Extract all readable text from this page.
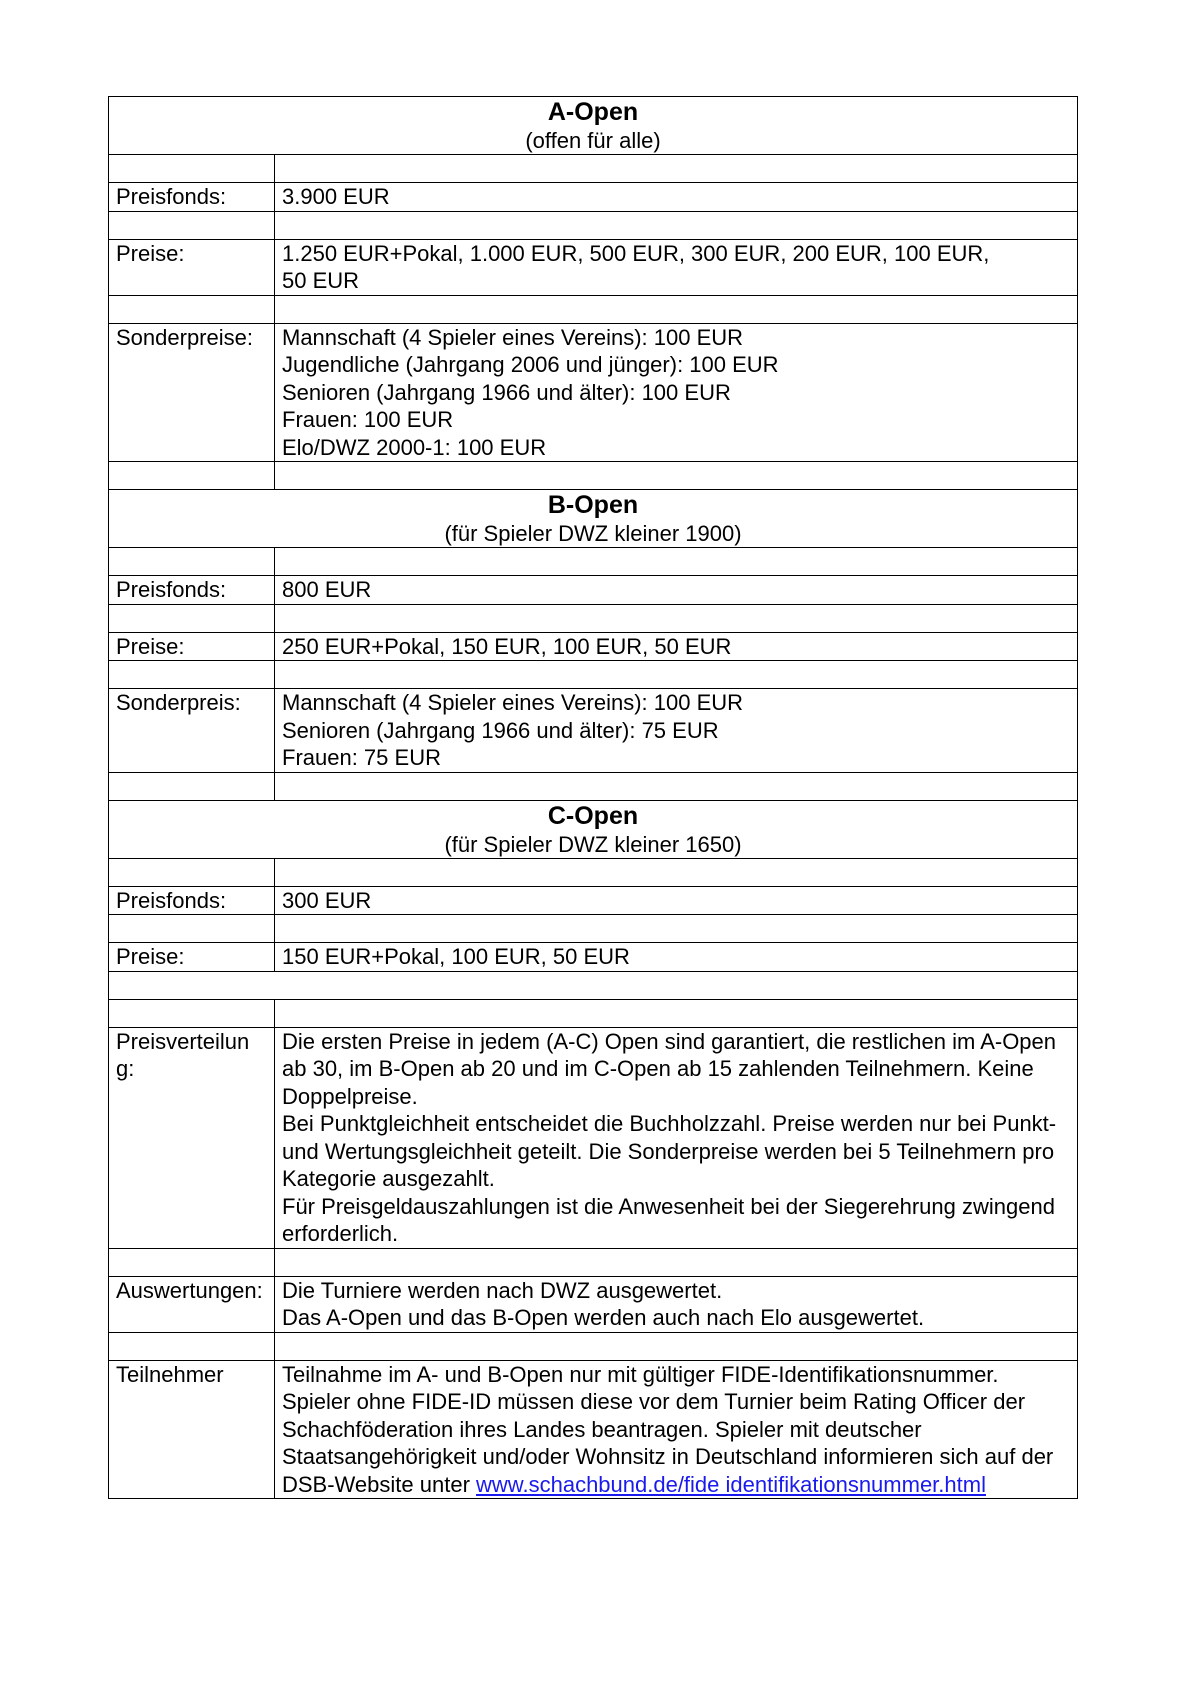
A-Open
(offen für alle)	

Preisfonds:	3.900 EUR

Preise:	1.250 EUR+Pokal, 1.000 EUR, 500 EUR, 300 EUR, 200 EUR, 100 EUR, 50 EUR

Sonderpreise:	Mannschaft (4 Spieler eines Vereins): 100 EUR
Jugendliche (Jahrgang 2006 und jünger): 100 EUR
Senioren (Jahrgang 1966 und älter): 100 EUR
Frauen: 100 EUR
Elo/DWZ 2000-1: 100 EUR

B-Open
(für Spieler DWZ kleiner 1900)	

Preisfonds:	800 EUR

Preise:	250 EUR+Pokal, 150 EUR, 100 EUR, 50 EUR

Sonderpreis:	Mannschaft (4 Spieler eines Vereins): 100 EUR
Senioren (Jahrgang 1966 und älter): 75 EUR
Frauen: 75 EUR

C-Open
(für Spieler DWZ kleiner 1650)	

Preisfonds:	300 EUR

Preise:	150 EUR+Pokal, 100 EUR, 50 EUR

Preisverteilung:	Die ersten Preise in jedem (A-C) Open sind garantiert, die restlichen im A-Open ab 30, im B-Open ab 20 und im C-Open ab 15 zahlenden Teilnehmern. Keine Doppelpreise.
Bei Punktgleichheit entscheidet die Buchholzzahl. Preise werden nur bei Punkt- und Wertungsgleichheit geteilt. Die Sonderpreise werden bei 5 Teilnehmern pro Kategorie ausgezahlt.
Für Preisgeldauszahlungen ist die Anwesenheit bei der Siegerehrung zwingend erforderlich.

Auswertungen:	Die Turniere werden nach DWZ ausgewertet.
Das A-Open und das B-Open werden auch nach Elo ausgewertet.

Teilnehmer	Teilnahme im A- und B-Open nur mit gültiger FIDE-Identifikationsnummer. Spieler ohne FIDE-ID müssen diese vor dem Turnier beim Rating Officer der Schachföderation ihres Landes beantragen. Spieler mit deutscher Staatsangehörigkeit und/oder Wohnsitz in Deutschland informieren sich auf der DSB-Website unter www.schachbund.de/fide identifikationsnummer.html
